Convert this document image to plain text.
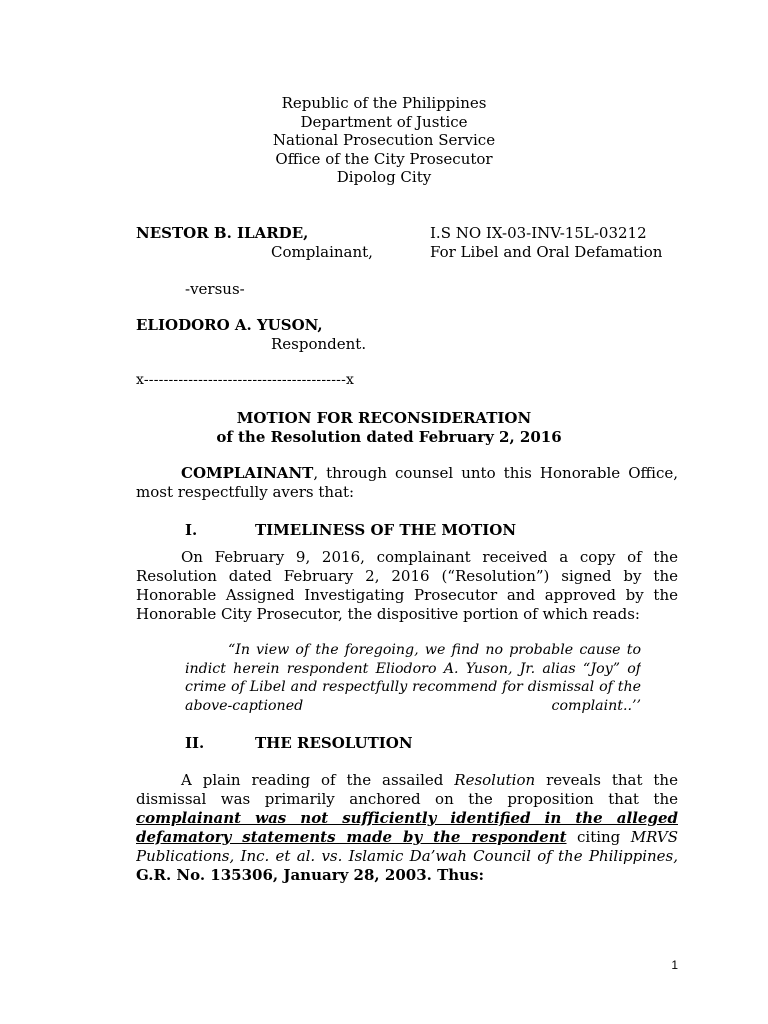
Republic of the Philippines
Department of Justice
National Prosecution Service
Office of the City Prosecutor
Dipolog City
NESTOR B. ILARDE,
Complainant,
I.S NO IX-03-INV-15L-03212
For Libel and Oral Defamation
-versus-
ELIODORO A. YUSON,
Respondent.
x-----------------------------------------x
MOTION FOR RECONSIDERATION
of the Resolution dated February 2, 2016
COMPLAINANT, through counsel unto this Honorable Office,
most respectfully avers that:
I.	TIMELINESS OF THE MOTION
On February 9, 2016, complainant received a copy of the
Resolution dated February 2, 2016 (“Resolution”) signed by the
Honorable Assigned Investigating Prosecutor and approved by the
Honorable City Prosecutor, the dispositive portion of which reads:
“In view of the foregoing, we find no probable cause to
indict herein respondent Eliodoro A. Yuson, Jr. alias “Joy” of
crime of Libel and respectfully recommend for dismissal of the
above-captioned complaint..’’
II.	THE RESOLUTION
A plain reading of the assailed Resolution reveals that the
dismissal was primarily anchored on the proposition that the
complainant was not sufficiently identified in the alleged
defamatory statements made by the respondent citing MRVS
Publications, Inc. et al. vs. Islamic Da’wah Council of the Philippines,
G.R. No. 135306, January 28, 2003. Thus:
1
